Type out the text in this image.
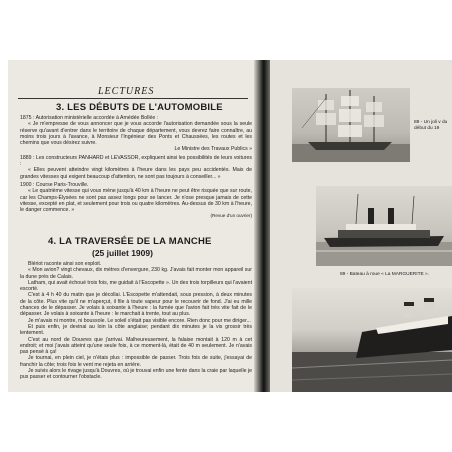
LECTURES
3. LES DÉBUTS DE L'AUTOMOBILE

1875 : Autorisation ministérielle accordée à Amédée Bollée :

« Je m'empresse de vous annoncer que je vous accorde l'autorisation demandée sous la seule réserve qu'avant d'entrer dans le territoire de chaque département, vous devrez faire connaître, au moins trois jours à l'avance, à Monsieur l'Ingénieur des Ponts et Chaussées, les routes et les chemins que vous désirez suivre.

Le Ministre des Travaux Publics »

1889 : Les constructeurs PANHARD et LEVASSOR, expliquent ainsi les possibilités de leurs voitures :

« Elles peuvent atteindre vingt kilomètres à l'heure dans les pays peu accidentés. Mais de grandes vitesses qui exigent beaucoup d'attention, ne sont pas toujours à conseiller... »

1900 : Course Paris-Trouville.

« Le quatrième vitesse qui vous mène jusqu'à 40 km à l'heure ne peut être risquée que sur route, car les Champs-Élysées ne sont pas assez longs pour se lancer. Je n'ose presque jamais de cette vitesse, excepté en plat, et seulement pour trois ou quatre kilomètres. Au-dessus de 30 km à l'heure, le danger commence. »

(Revue d'un ouvrier)

4. LA TRAVERSÉE DE LA MANCHE
(25 juillet 1909)

Blériot raconte ainsi son exploit.

« Mon avion? vingt chevaux, dix mètres d'envergure, 230 kg. J'avais fait monter mon appareil sur la dune près de Calais.

Latham, qui avait échoué trois fois, me guidait à l'Escopette ». Un des trois torpilleurs qui l'avaient escorté.

C'est à 4 h 40 du matin que je décollai. L'Escopette m'attendait, sous pression, à deux minutes de la côte. Plus vite qu'il ne m'aperçut, il file à toute vapeur pour le recouvrir de fond. J'ai eu mille chances de le dépasser. Je volais à soixante à l'heure : la fumée que l'avion fait très vite fait de le dépasser. Je volais à soixante à l'heure : le marchait à trente, tout au plus.

Je m'avais ni montre, ni boussole. Le soleil s'était pas visible encore. Rien donc pour me diriger...

Et puis enfin, je devinai au loin la côte anglaise; pendant dix minutes je la vis grossir très lentement.

C'est au nord de Douvres que j'arrivai. Malheureusement, la falaise montait à 120 m à cet endroit; et moi j'avais atteint qu'une seule fois, à ce moment-là, était de 40 m seulement. Je n'avais pas pensé à ça!

Je tournai, en plein ciel, je n'étais plus : impossible de passer. Trois fois de suite, j'essayai de franchir la côte; trois fois le vent me rejeta en arrière.

Je suivis alors le rivage jusqu'à Douvres, où je trouvai enfin une fente dans la craie par laquelle je pus passer et contourner l'obstacle.

88 - Un joli v du début du 19
89 - Bateau à roue « La MARGUERITE ».
